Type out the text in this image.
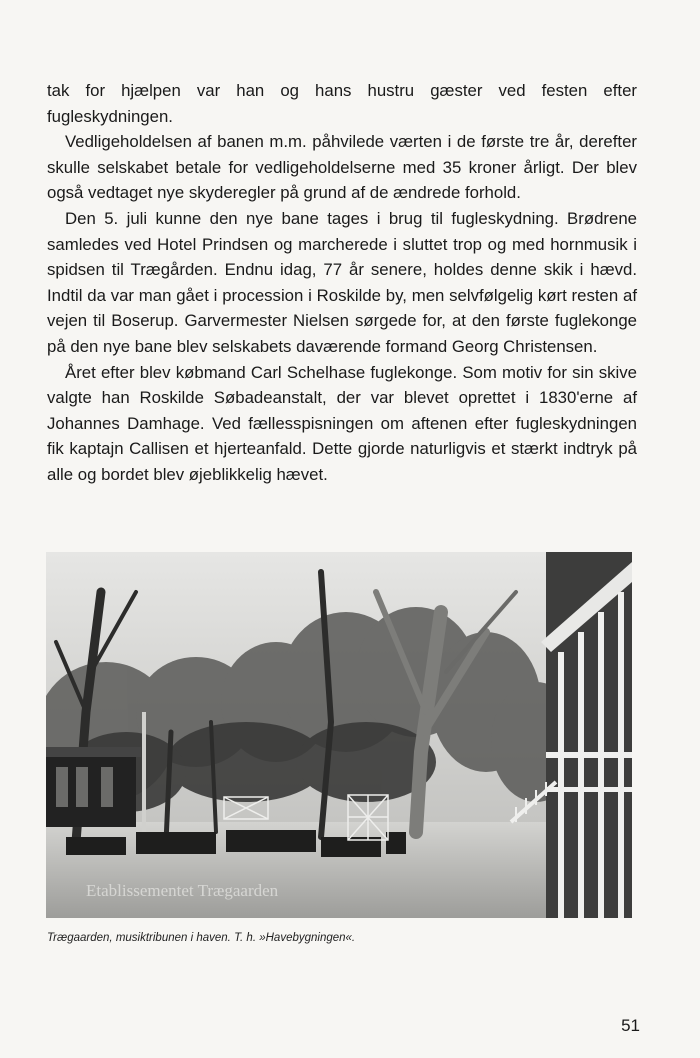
tak for hjælpen var han og hans hustru gæster ved festen efter fugleskydningen.

Vedligeholdelsen af banen m.m. påhvilede værten i de første tre år, derefter skulle selskabet betale for vedligeholdelserne med 35 kroner årligt. Der blev også vedtaget nye skyderegler på grund af de ændrede forhold.

Den 5. juli kunne den nye bane tages i brug til fugleskydning. Brødrene samledes ved Hotel Prindsen og marcherede i sluttet trop og med hornmusik i spidsen til Trægården. Endnu idag, 77 år senere, holdes denne skik i hævd. Indtil da var man gået i procession i Roskilde by, men selvfølgelig kørt resten af vejen til Boserup. Garvermester Nielsen sørgede for, at den første fuglekonge på den nye bane blev selskabets daværende formand Georg Christensen.

Året efter blev købmand Carl Schelhase fuglekonge. Som motiv for sin skive valgte han Roskilde Søbadeanstalt, der var blevet oprettet i 1830'erne af Johannes Damhage. Ved fællesspisningen om aftenen efter fugleskydningen fik kaptajn Callisen et hjerteanfald. Dette gjorde naturligvis et stærkt indtryk på alle og bordet blev øjeblikkelig hævet.

Etablissementet Trægaarden
Trægaarden, musiktribunen i haven. T. h. »Havebygningen«.
51
